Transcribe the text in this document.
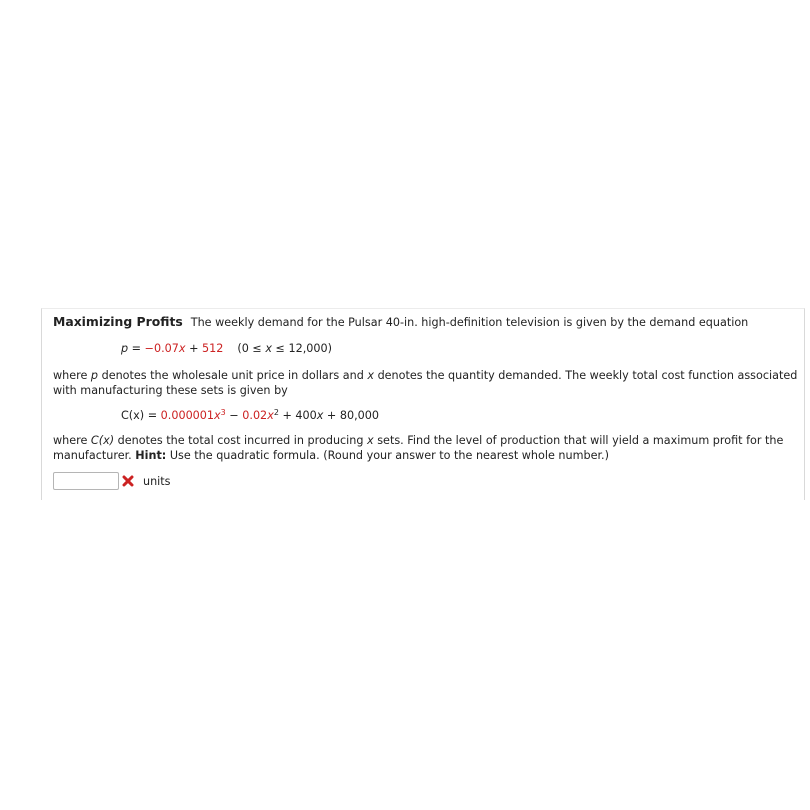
Maximizing Profits The weekly demand for the Pulsar 40-in. high-definition television is given by the demand equation

p = −0.07x + 512 (0 ≤ x ≤ 12,000)

where p denotes the wholesale unit price in dollars and x denotes the quantity demanded. The weekly total cost function associated with manufacturing these sets is given by

$C(x) = 0.000001x^3 - 0.02x^2 + 400x + 80,000$

where C(x) denotes the total cost incurred in producing x sets. Find the level of production that will yield a maximum profit for the manufacturer. Hint: Use the quadratic formula. (Round your answer to the nearest whole number.)

units
